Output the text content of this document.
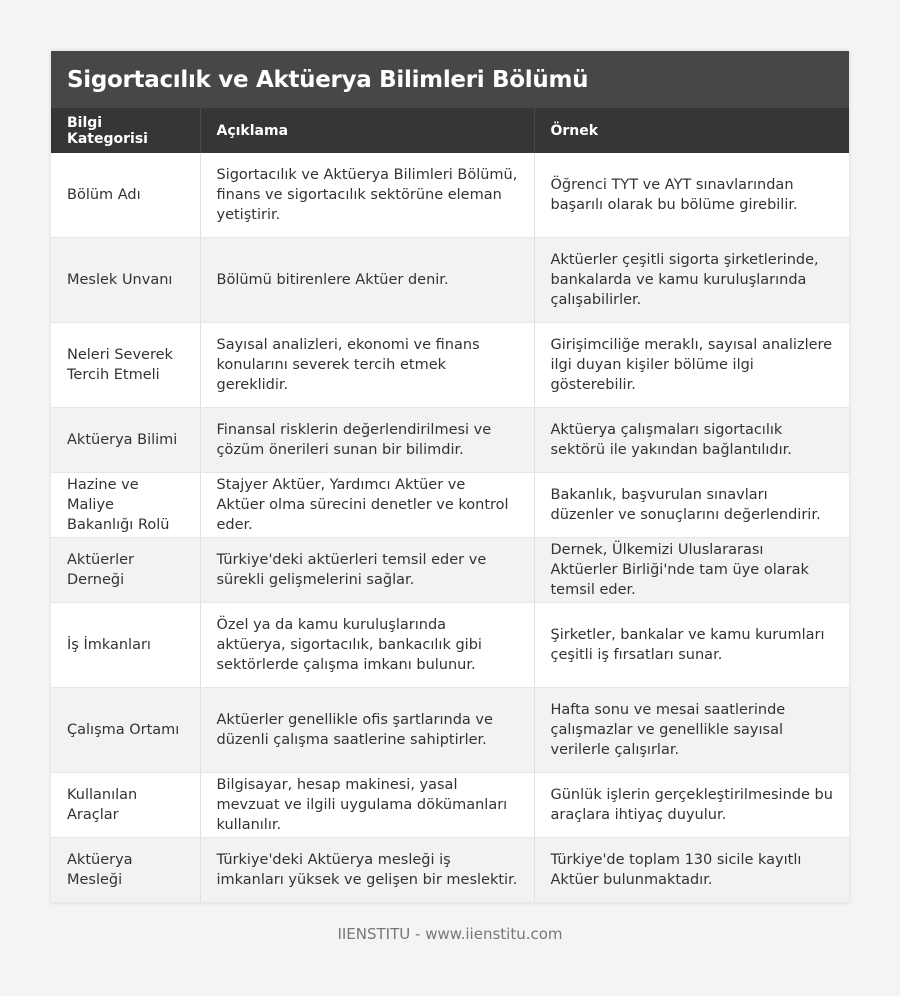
Sigortacılık ve Aktüerya Bilimleri Bölümü
Bilgi Kategorisi	Açıklama	Örnek
Bölüm Adı	Sigortacılık ve Aktüerya Bilimleri Bölümü, finans ve sigortacılık sektörüne eleman yetiştirir.	Öğrenci TYT ve AYT sınavlarından başarılı olarak bu bölüme girebilir.
Meslek Unvanı	Bölümü bitirenlere Aktüer denir.	Aktüerler çeşitli sigorta şirketlerinde, bankalarda ve kamu kuruluşlarında çalışabilirler.
Neleri Severek Tercih Etmeli	Sayısal analizleri, ekonomi ve finans konularını severek tercih etmek gereklidir.	Girişimciliğe meraklı, sayısal analizlere ilgi duyan kişiler bölüme ilgi gösterebilir.
Aktüerya Bilimi	Finansal risklerin değerlendirilmesi ve çözüm önerileri sunan bir bilimdir.	Aktüerya çalışmaları sigortacılık sektörü ile yakından bağlantılıdır.
Hazine ve Maliye Bakanlığı Rolü	Stajyer Aktüer, Yardımcı Aktüer ve Aktüer olma sürecini denetler ve kontrol eder.	Bakanlık, başvurulan sınavları düzenler ve sonuçlarını değerlendirir.
Aktüerler Derneği	Türkiye'deki aktüerleri temsil eder ve sürekli gelişmelerini sağlar.	Dernek, Ülkemizi Uluslararası Aktüerler Birliği'nde tam üye olarak temsil eder.
İş İmkanları	Özel ya da kamu kuruluşlarında aktüerya, sigortacılık, bankacılık gibi sektörlerde çalışma imkanı bulunur.	Şirketler, bankalar ve kamu kurumları çeşitli iş fırsatları sunar.
Çalışma Ortamı	Aktüerler genellikle ofis şartlarında ve düzenli çalışma saatlerine sahiptirler.	Hafta sonu ve mesai saatlerinde çalışmazlar ve genellikle sayısal verilerle çalışırlar.
Kullanılan Araçlar	Bilgisayar, hesap makinesi, yasal mevzuat ve ilgili uygulama dökümanları kullanılır.	Günlük işlerin gerçekleştirilmesinde bu araçlara ihtiyaç duyulur.
Aktüerya Mesleği	Türkiye'deki Aktüerya mesleği iş imkanları yüksek ve gelişen bir meslektir.	Türkiye'de toplam 130 sicile kayıtlı Aktüer bulunmaktadır.
IIENSTITU - www.iienstitu.com
